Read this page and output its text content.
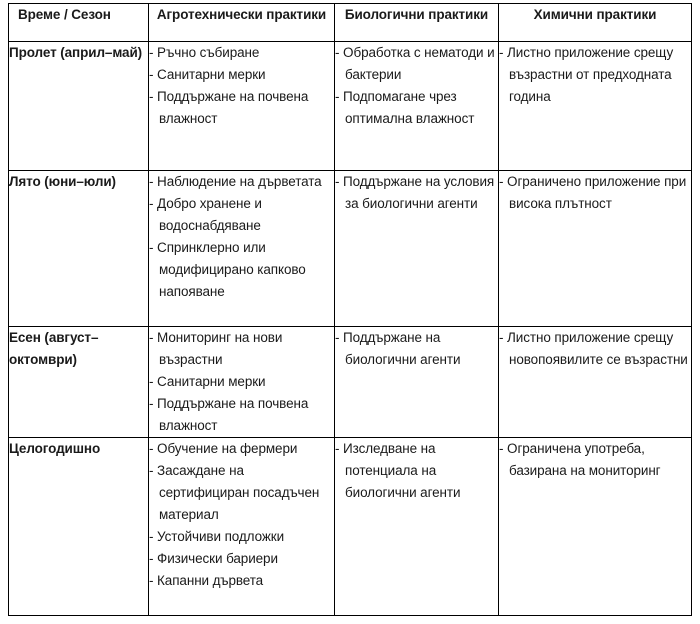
Време / Сезон	Агротехнически практики	Биологични практики	Химични практики

Пролет (април–май)	- Ръчно събиране
- Санитарни мерки
- Поддържане на почвена влажност

- Обработка с нематоди и бактерии
- Подпомагане чрез оптимална влажност

- Листно приложение срещу възрастни от предходната година

Лято (юни–юли)	- Наблюдение на дърветата
- Добро хранене и водоснабдяване
- Спринклерно или модифицирано капково напояване

- Поддържане на условия за биологични агенти

- Ограничено приложение при висока плътност

Есен (август–октомври)

- Мониторинг на нови възрастни
- Санитарни мерки
- Поддържане на почвена влажност

- Поддържане на биологични агенти

- Листно приложение срещу новопоявилите се възрастни

Целогодишно	- Обучение на фермери
- Засаждане на сертифициран посадъчен материал
- Устойчиви подложки
- Физически бариери
- Капанни дървета

- Изследване на потенциала на биологични агенти

- Ограничена употреба, базирана на мониторинг
